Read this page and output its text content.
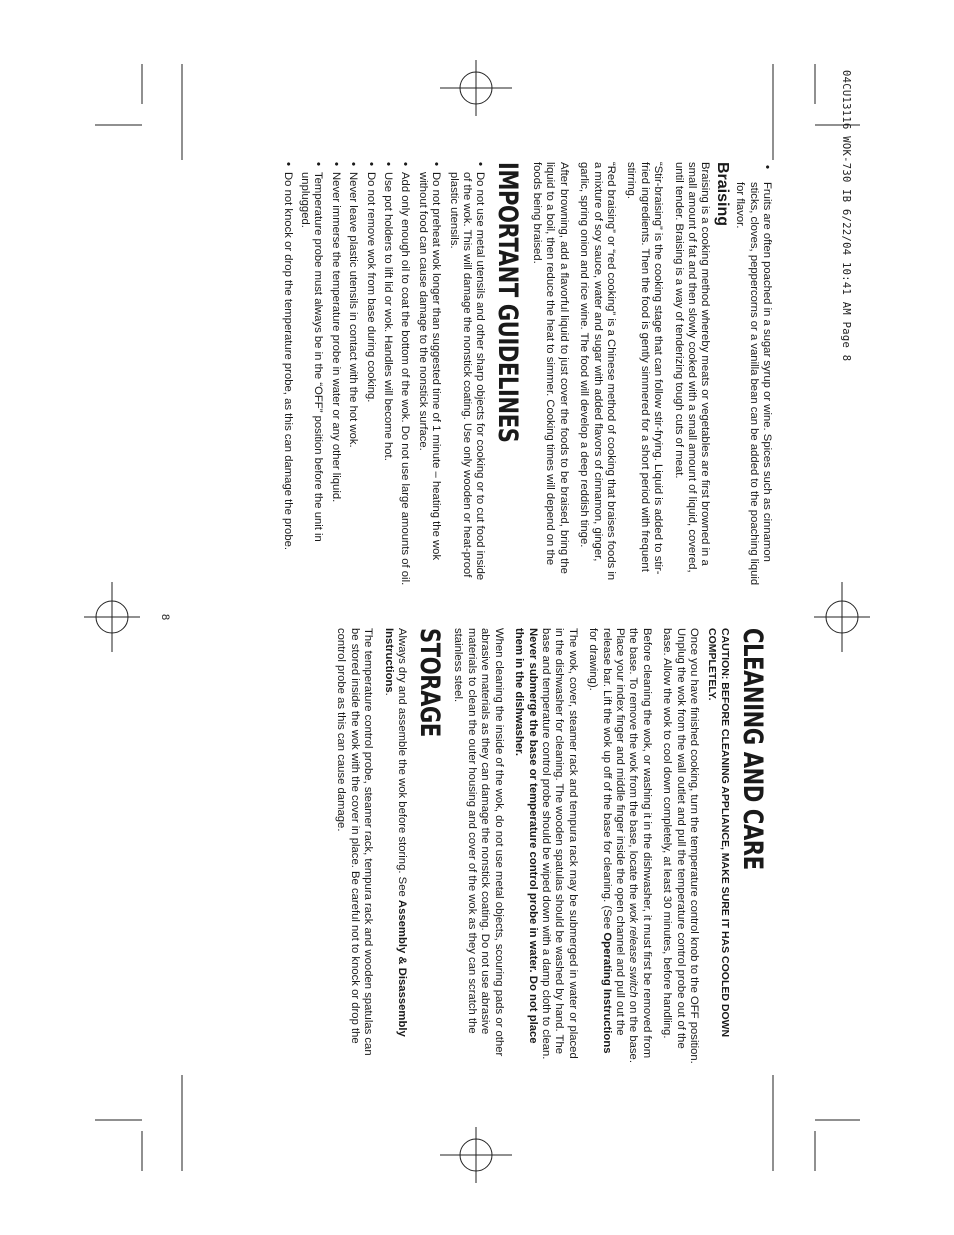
04CU13116 WOK-730 IB 6/22/04 10:41 AM Page 8
8
• Fruits are often poached in a sugar syrup or wine. Spices such as cinnamon sticks, cloves, peppercorns or a vanilla bean can be added to the poaching liquid for flavor.
Braising

Braising is a cooking method whereby meats or vegetables are first browned in a small amount of fat and then slowly cooked with a small amount of liquid, covered, until tender. Braising is a way of tenderizing tough cuts of meat.

“Stir-braising” is the cooking stage that can follow stir-frying. Liquid is added to stir-fried ingredients. Then the food is gently simmered for a short period with frequent stirring.

“Red braising” or “red cooking” is a Chinese method of cooking that braises foods in a mixture of soy sauce, water and sugar with added flavors of cinnamon, ginger, garlic, spring onion and rice wine. The food will develop a deep reddish tinge.

After browning, add a flavorful liquid to just cover the foods to be braised, bring the liquid to a boil, then reduce the heat to simmer. Cooking times will depend on the foods being braised.

IMPORTANT GUIDELINES
• Do not use metal utensils and other sharp objects for cooking or to cut food inside of the wok. This will damage the nonstick coating. Use only wooden or heat-proof plastic utensils.
• Do not preheat wok longer than suggested time of 1 minute – heating the wok without food can cause damage to the nonstick surface.
• Add only enough oil to coat the bottom of the wok. Do not use large amounts of oil.
• Use pot holders to lift lid or wok. Handles will become hot.
• Do not remove wok from base during cooking.
• Never leave plastic utensils in contact with the hot wok.
• Never immerse the temperature probe in water or any other liquid.
• Temperature probe must always be in the “OFF” position before the unit in unplugged.
• Do not knock or drop the temperature probe, as this can damage the probe.
CLEANING AND CARE

CAUTION: BEFORE CLEANING APPLIANCE, MAKE SURE IT HAS COOLED DOWN COMPLETELY.

Once you have finished cooking, turn the temperature control knob to the OFF position. Unplug the wok from the wall outlet and pull the temperature control probe out of the base. Allow the wok to cool down completely, at least 30 minutes, before handling.

Before cleaning the wok, or washing it in the dishwasher, it must first be removed from the base. To remove the wok from the base, locate the wok release switch on the base. Place your index finger and middle finger inside the open channel and pull out the release bar. Lift the wok up off of the base for cleaning. (See Operating Instructions for drawing).

The wok, cover, steamer rack and tempura rack may be submerged in water or placed in the dishwasher for cleaning. The wooden spatulas should be washed by hand. The base and temperature control probe should be wiped down with a damp cloth to clean. Never submerge the base or temperature control probe in water. Do not place them in the dishwasher.

When cleaning the inside of the wok, do not use metal objects, scouring pads or other abrasive materials as they can damage the nonstick coating. Do not use abrasive materials to clean the outer housing and cover of the wok as they can scratch the stainless steel.

STORAGE

Always dry and assemble the wok before storing. See Assembly & Disassembly Instructions.

The temperature control probe, steamer rack, tempura rack and wooden spatulas can be stored inside the wok with the cover in place. Be careful not to knock or drop the control probe as this can cause damage.
